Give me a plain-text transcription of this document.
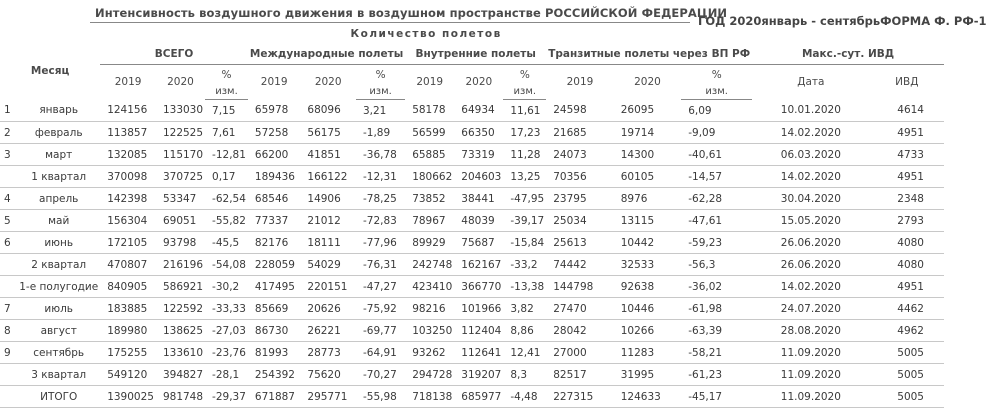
Интенсивность воздушного движения в воздушном пространстве РОССИЙСКОЙ ФЕДЕРАЦИИ
ГОД 2020январь - сентябрьФОРМА Ф. РФ-1
		Количество полетов													
Месяц		ВСЕГО			Международные полеты			Внутренние полеты			Транзитные полеты через ВП РФ			Макс.-сут. ИВД	
		2019	2020	%	2019	2020	%	2019	2020	%	2019	2020	%	Дата	ИВД
				изм.			изм.			изм.			изм.		
1	январь	124156	133030	7,15	65978	68096	3,21	58178	64934	11,61	24598	26095	6,09	10.01.2020	4614
2	февраль	113857	122525	7,61	57258	56175	-1,89	56599	66350	17,23	21685	19714	-9,09	14.02.2020	4951
3	март	132085	115170	-12,81	66200	41851	-36,78	65885	73319	11,28	24073	14300	-40,61	06.03.2020	4733
	1 квартал	370098	370725	0,17	189436	166122	-12,31	180662	204603	13,25	70356	60105	-14,57	14.02.2020	4951
4	апрель	142398	53347	-62,54	68546	14906	-78,25	73852	38441	-47,95	23795	8976	-62,28	30.04.2020	2348
5	май	156304	69051	-55,82	77337	21012	-72,83	78967	48039	-39,17	25034	13115	-47,61	15.05.2020	2793
6	июнь	172105	93798	-45,5	82176	18111	-77,96	89929	75687	-15,84	25613	10442	-59,23	26.06.2020	4080
	2 квартал	470807	216196	-54,08	228059	54029	-76,31	242748	162167	-33,2	74442	32533	-56,3	26.06.2020	4080
	1-е полугодие	840905	586921	-30,2	417495	220151	-47,27	423410	366770	-13,38	144798	92638	-36,02	14.02.2020	4951
7	июль	183885	122592	-33,33	85669	20626	-75,92	98216	101966	3,82	27470	10446	-61,98	24.07.2020	4462
8	август	189980	138625	-27,03	86730	26221	-69,77	103250	112404	8,86	28042	10266	-63,39	28.08.2020	4962
9	сентябрь	175255	133610	-23,76	81993	28773	-64,91	93262	112641	12,41	27000	11283	-58,21	11.09.2020	5005
	3 квартал	549120	394827	-28,1	254392	75620	-70,27	294728	319207	8,3	82517	31995	-61,23	11.09.2020	5005
	ИТОГО	1390025	981748	-29,37	671887	295771	-55,98	718138	685977	-4,48	227315	124633	-45,17	11.09.2020	5005
